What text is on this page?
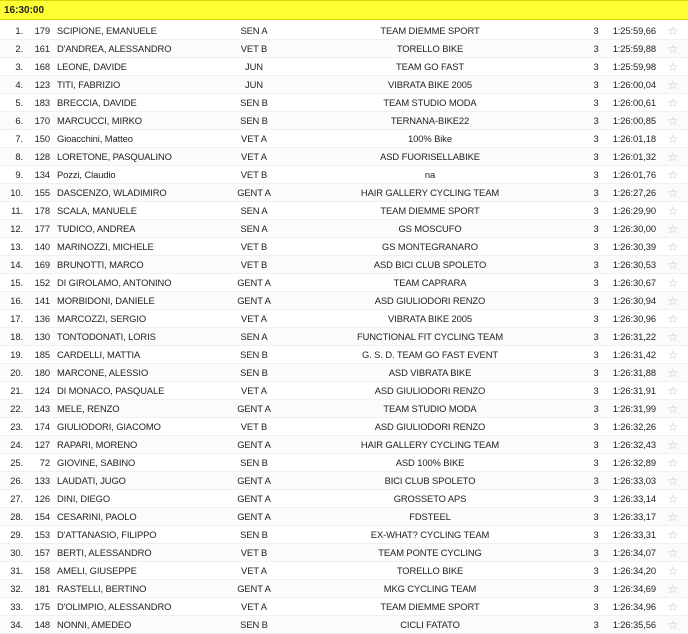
16:30:00
1.	179 SCIPIONE, EMANUELE	SEN A	TEAM DIEMME SPORT	3	1:25:59,66 ☆
2.	161 D'ANDREA, ALESSANDRO	VET B	TORELLO BIKE	3	1:25:59,88 ☆
3.	168 LEONE, DAVIDE	JUN	TEAM GO FAST	3	1:25:59,98 ☆
4.	123 TITI, FABRIZIO	JUN	VIBRATA BIKE 2005	3	1:26:00,04 ☆
5.	183 BRECCIA, DAVIDE	SEN B	TEAM STUDIO MODA	3	1:26:00,61 ☆
6.	170 MARCUCCI, MIRKO	SEN B	TERNANA-BIKE22	3	1:26:00,85 ☆
7.	150 Gioacchini, Matteo	VET A	100% Bike	3	1:26:01,18 ☆
8.	128 LORETONE, PASQUALINO	VET A	ASD FUORISELLABIKE	3	1:26:01,32 ☆
9.	134 Pozzi, Claudio	VET B	na	3	1:26:01,76 ☆
10.	155 DASCENZO, WLADIMIRO	GENT A	HAIR GALLERY CYCLING TEAM	3	1:26:27,26 ☆
11.	178 SCALA, MANUELE	SEN A	TEAM DIEMME SPORT	3	1:26:29,90 ☆
12.	177 TUDICO, ANDREA	SEN A	GS MOSCUFO	3	1:26:30,00 ☆
13.	140 MARINOZZI, MICHELE	VET B	GS MONTEGRANARO	3	1:26:30,39 ☆
14.	169 BRUNOTTI, MARCO	VET B	ASD BICI CLUB SPOLETO	3	1:26:30,53 ☆
15.	152 DI GIROLAMO, ANTONINO	GENT A	TEAM CAPRARA	3	1:26:30,67 ☆
16.	141 MORBIDONI, DANIELE	GENT A	ASD GIULIODORI RENZO	3	1:26:30,94 ☆
17.	136 MARCOZZI, SERGIO	VET A	VIBRATA BIKE 2005	3	1:26:30,96 ☆
18.	130 TONTODONATI, LORIS	SEN A	FUNCTIONAL FIT CYCLING TEAM	3	1:26:31,22 ☆
19.	185 CARDELLI, MATTIA	SEN B	G. S. D. TEAM GO FAST EVENT	3	1:26:31,42 ☆
20.	180 MARCONE, ALESSIO	SEN B	ASD VIBRATA BIKE	3	1:26:31,88 ☆
21.	124 DI MONACO, PASQUALE	VET A	ASD GIULIODORI RENZO	3	1:26:31,91 ☆
22.	143 MELE, RENZO	GENT A	TEAM STUDIO MODA	3	1:26:31,99 ☆
23.	174 GIULIODORI, GIACOMO	VET B	ASD GIULIODORI RENZO	3	1:26:32,26 ☆
24.	127 RAPARI, MORENO	GENT A	HAIR GALLERY CYCLING TEAM	3	1:26:32,43 ☆
25.	72 GIOVINE, SABINO	SEN B	ASD 100% BIKE	3	1:26:32,89 ☆
26.	133 LAUDATI, JUGO	GENT A	BICI CLUB SPOLETO	3	1:26:33,03 ☆
27.	126 DINI, DIEGO	GENT A	GROSSETO APS	3	1:26:33,14 ☆
28.	154 CESARINI, PAOLO	GENT A	FDSTEEL	3	1:26:33,17 ☆
29.	153 D'ATTANASIO, FILIPPO	SEN B	EX-WHAT? CYCLING TEAM	3	1:26:33,31 ☆
30.	157 BERTI, ALESSANDRO	VET B	TEAM PONTE CYCLING	3	1:26:34,07 ☆
31.	158 AMELI, GIUSEPPE	VET A	TORELLO BIKE	3	1:26:34,20 ☆
32.	181 RASTELLI, BERTINO	GENT A	MKG CYCLING TEAM	3	1:26:34,69 ☆
33.	175 D'OLIMPIO, ALESSANDRO	VET A	TEAM DIEMME SPORT	3	1:26:34,96 ☆
34.	148 NONNI, AMEDEO	SEN B	CICLI FATATO	3	1:26:35,56 ☆
